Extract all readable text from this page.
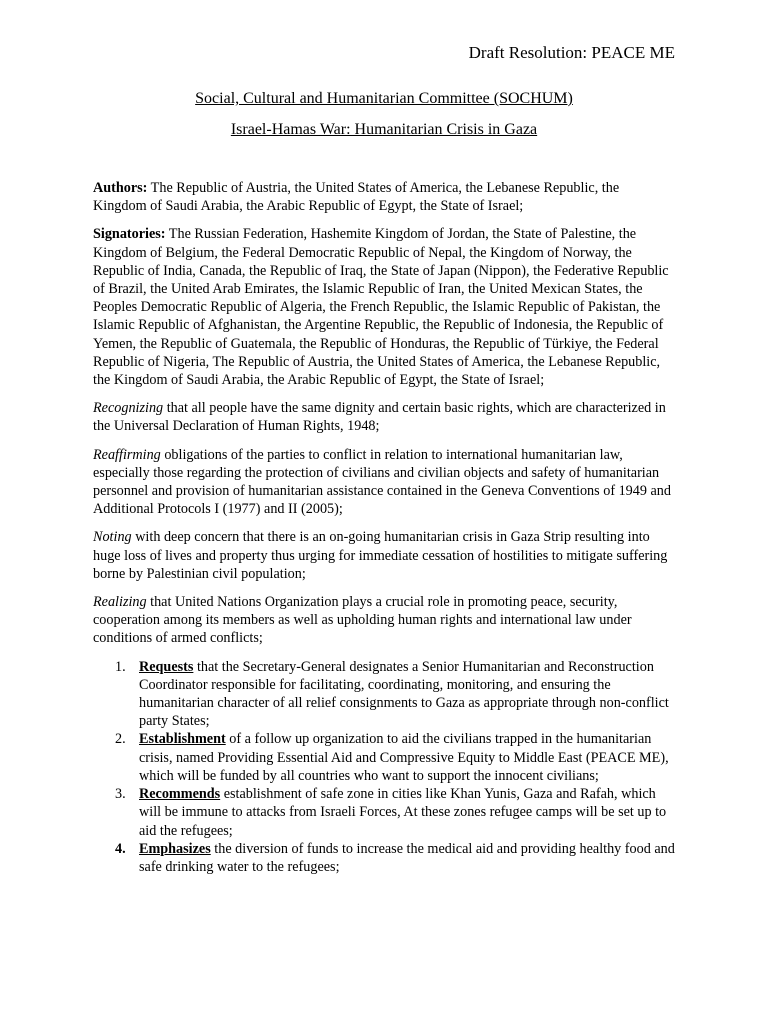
Draft Resolution: PEACE ME
Social, Cultural and Humanitarian Committee (SOCHUM)
Israel-Hamas War: Humanitarian Crisis in Gaza

Authors: The Republic of Austria, the United States of America, the Lebanese Republic, the Kingdom of Saudi Arabia, the Arabic Republic of Egypt, the State of Israel;

Signatories: The Russian Federation, Hashemite Kingdom of Jordan, the State of Palestine, the Kingdom of Belgium, the Federal Democratic Republic of Nepal, the Kingdom of Norway, the Republic of India, Canada, the Republic of Iraq, the State of Japan (Nippon), the Federative Republic of Brazil, the United Arab Emirates, the Islamic Republic of Iran, the United Mexican States, the Peoples Democratic Republic of Algeria, the French Republic, the Islamic Republic of Pakistan, the Islamic Republic of Afghanistan, the Argentine Republic, the Republic of Indonesia, the Republic of Yemen, the Republic of Guatemala, the Republic of Honduras, the Republic of Türkiye, the Federal Republic of Nigeria, The Republic of Austria, the United States of America, the Lebanese Republic, the Kingdom of Saudi Arabia, the Arabic Republic of Egypt, the State of Israel;

Recognizing that all people have the same dignity and certain basic rights, which are characterized in the Universal Declaration of Human Rights, 1948;

Reaffirming obligations of the parties to conflict in relation to international humanitarian law, especially those regarding the protection of civilians and civilian objects and safety of humanitarian personnel and provision of humanitarian assistance contained in the Geneva Conventions of 1949 and Additional Protocols I (1977) and II (2005);

Noting with deep concern that there is an on-going humanitarian crisis in Gaza Strip resulting into huge loss of lives and property thus urging for immediate cessation of hostilities to mitigate suffering borne by Palestinian civil population;

Realizing that United Nations Organization plays a crucial role in promoting peace, security, cooperation among its members as well as upholding human rights and international law under conditions of armed conflicts;

1. Requests that the Secretary-General designates a Senior Humanitarian and Reconstruction Coordinator responsible for facilitating, coordinating, monitoring, and ensuring the humanitarian character of all relief consignments to Gaza as appropriate through non-conflict party States;
2. Establishment of a follow up organization to aid the civilians trapped in the humanitarian crisis, named Providing Essential Aid and Compressive Equity to Middle East (PEACE ME), which will be funded by all countries who want to support the innocent civilians;
3. Recommends establishment of safe zone in cities like Khan Yunis, Gaza and Rafah, which will be immune to attacks from Israeli Forces, At these zones refugee camps will be set up to aid the refugees;
4. Emphasizes the diversion of funds to increase the medical aid and providing healthy food and safe drinking water to the refugees;
